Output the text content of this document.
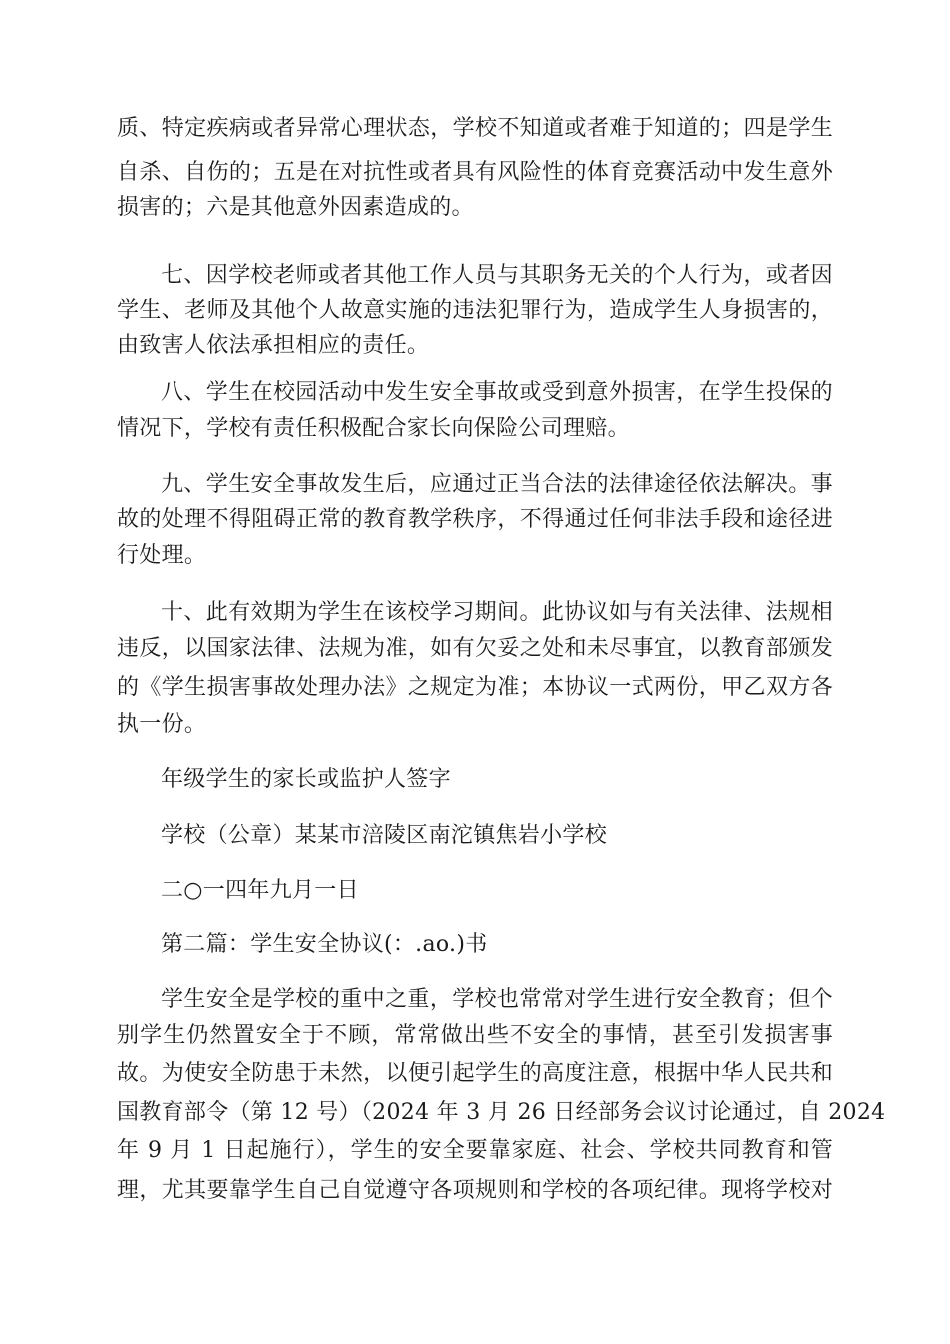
质、特定疾病或者异常心理状态，学校不知道或者难于知道的；四是学生
自杀、自伤的；五是在对抗性或者具有风险性的体育竞赛活动中发生意外
损害的；六是其他意外因素造成的。
七、因学校老师或者其他工作人员与其职务无关的个人行为，或者因
学生、老师及其他个人故意实施的违法犯罪行为，造成学生人身损害的，
由致害人依法承担相应的责任。
八、学生在校园活动中发生安全事故或受到意外损害，在学生投保的
情况下，学校有责任积极配合家长向保险公司理赔。
九、学生安全事故发生后，应通过正当合法的法律途径依法解决。事
故的处理不得阻碍正常的教育教学秩序，不得通过任何非法手段和途径进
行处理。
十、此有效期为学生在该校学习期间。此协议如与有关法律、法规相
违反，以国家法律、法规为准，如有欠妥之处和未尽事宜，以教育部颁发
的《学生损害事故处理办法》之规定为准；本协议一式两份，甲乙双方各
执一份。
年级学生的家长或监护人签字
学校（公章）某某市涪陵区南沱镇焦岩小学校
二○一四年九月一日
第二篇：学生安全协议(：.ao.)书
学生安全是学校的重中之重，学校也常常对学生进行安全教育；但个
别学生仍然置安全于不顾，常常做出些不安全的事情，甚至引发损害事
故。为使安全防患于未然，以便引起学生的高度注意，根据中华人民共和
国教育部令（第 12 号）（2024 年 3 月 26 日经部务会议讨论通过，自 2024
年 9 月 1 日起施行），学生的安全要靠家庭、社会、学校共同教育和管
理，尤其要靠学生自己自觉遵守各项规则和学校的各项纪律。现将学校对
